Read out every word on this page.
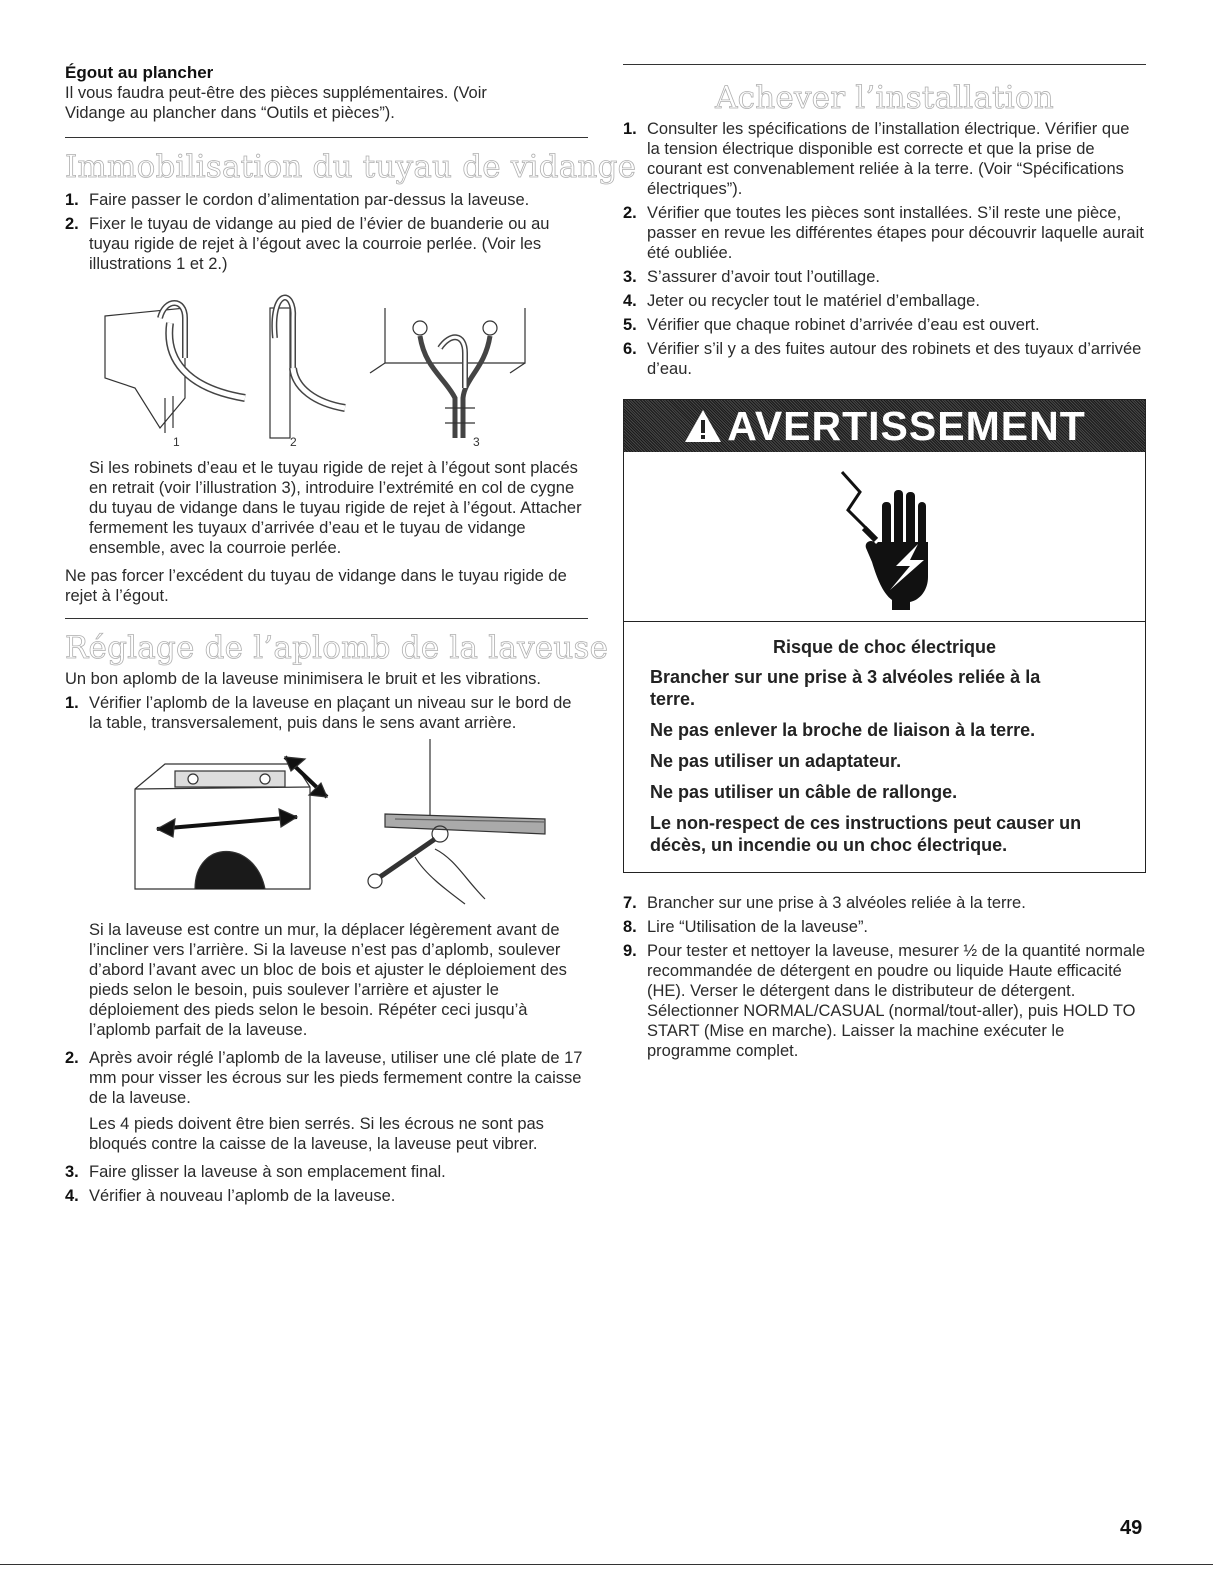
Égout au plancher

Il vous faudra peut-être des pièces supplémentaires. (Voir Vidange au plancher dans “Outils et pièces”).

Immobilisation du tuyau de vidange
1. Faire passer le cordon d’alimentation par-dessus la laveuse.
2. Fixer le tuyau de vidange au pied de l’évier de buanderie ou au tuyau rigide de rejet à l’égout avec la courroie perlée. (Voir les illustrations 1 et 2.)
1	2	3

Si les robinets d’eau et le tuyau rigide de rejet à l’égout sont placés en retrait (voir l’illustration 3), introduire l’extrémité en col de cygne du tuyau de vidange dans le tuyau rigide de rejet à l’égout. Attacher fermement les tuyaux d’arrivée d’eau et le tuyau de vidange ensemble, avec la courroie perlée.

Ne pas forcer l’excédent du tuyau de vidange dans le tuyau rigide de rejet à l’égout.

Réglage de l’aplomb de la laveuse

Un bon aplomb de la laveuse minimisera le bruit et les vibrations.

1. Vérifier l’aplomb de la laveuse en plaçant un niveau sur le bord de la table, transversalement, puis dans le sens avant arrière.

Si la laveuse est contre un mur, la déplacer légèrement avant de l’incliner vers l’arrière. Si la laveuse n’est pas d’aplomb, soulever d’abord l’avant avec un bloc de bois et ajuster le déploiement des pieds selon le besoin, puis soulever l’arrière et ajuster le déploiement des pieds selon le besoin. Répéter ceci jusqu’à l’aplomb parfait de la laveuse.

2. Après avoir réglé l’aplomb de la laveuse, utiliser une clé plate de 17 mm pour visser les écrous sur les pieds fermement contre la caisse de la laveuse.

Les 4 pieds doivent être bien serrés. Si les écrous ne sont pas bloqués contre la caisse de la laveuse, la laveuse peut vibrer.

3. Faire glisser la laveuse à son emplacement final.
4. Vérifier à nouveau l’aplomb de la laveuse.
Achever l’installation
1. Consulter les spécifications de l’installation électrique. Vérifier que la tension électrique disponible est correcte et que la prise de courant est convenablement reliée à la terre. (Voir “Spécifications électriques”).
2. Vérifier que toutes les pièces sont installées. S’il reste une pièce, passer en revue les différentes étapes pour découvrir laquelle aurait été oubliée.
3. S’assurer d’avoir tout l’outillage.
4. Jeter ou recycler tout le matériel d’emballage.
5. Vérifier que chaque robinet d’arrivée d’eau est ouvert.
6. Vérifier s’il y a des fuites autour des robinets et des tuyaux d’arrivée d’eau.
AVERTISSEMENT
Risque de choc électrique
Brancher sur une prise à 3 alvéoles reliée à la terre.
Ne pas enlever la broche de liaison à la terre.
Ne pas utiliser un adaptateur.
Ne pas utiliser un câble de rallonge.
Le non-respect de ces instructions peut causer un décès, un incendie ou un choc électrique.
7. Brancher sur une prise à 3 alvéoles reliée à la terre.
8. Lire “Utilisation de la laveuse”.
9. Pour tester et nettoyer la laveuse, mesurer ½ de la quantité normale recommandée de détergent en poudre ou liquide Haute efficacité (HE). Verser le détergent dans le distributeur de détergent. Sélectionner NORMAL/CASUAL (normal/tout-aller), puis HOLD TO START (Mise en marche). Laisser la machine exécuter le programme complet.
49
